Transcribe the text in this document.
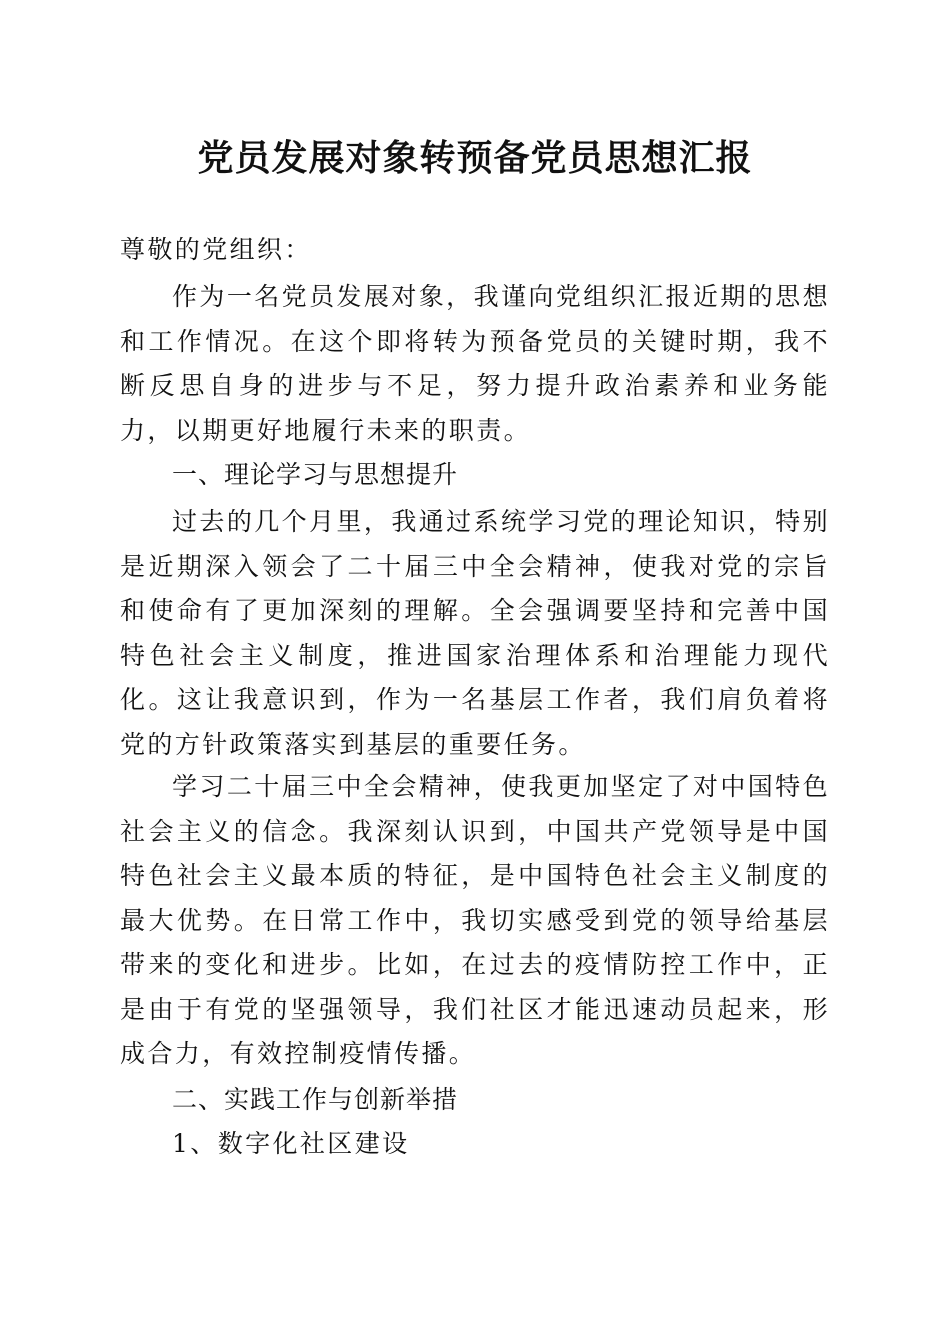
党员发展对象转预备党员思想汇报

尊敬的党组织：

作为一名党员发展对象，我谨向党组织汇报近期的思想和工作情况。在这个即将转为预备党员的关键时期，我不断反思自身的进步与不足，努力提升政治素养和业务能力，以期更好地履行未来的职责。

一、理论学习与思想提升

过去的几个月里，我通过系统学习党的理论知识，特别是近期深入领会了二十届三中全会精神，使我对党的宗旨和使命有了更加深刻的理解。全会强调要坚持和完善中国特色社会主义制度，推进国家治理体系和治理能力现代化。这让我意识到，作为一名基层工作者，我们肩负着将党的方针政策落实到基层的重要任务。

学习二十届三中全会精神，使我更加坚定了对中国特色社会主义的信念。我深刻认识到，中国共产党领导是中国特色社会主义最本质的特征，是中国特色社会主义制度的最大优势。在日常工作中，我切实感受到党的领导给基层带来的变化和进步。比如，在过去的疫情防控工作中，正是由于有党的坚强领导，我们社区才能迅速动员起来，形成合力，有效控制疫情传播。

二、实践工作与创新举措

1、数字化社区建设
